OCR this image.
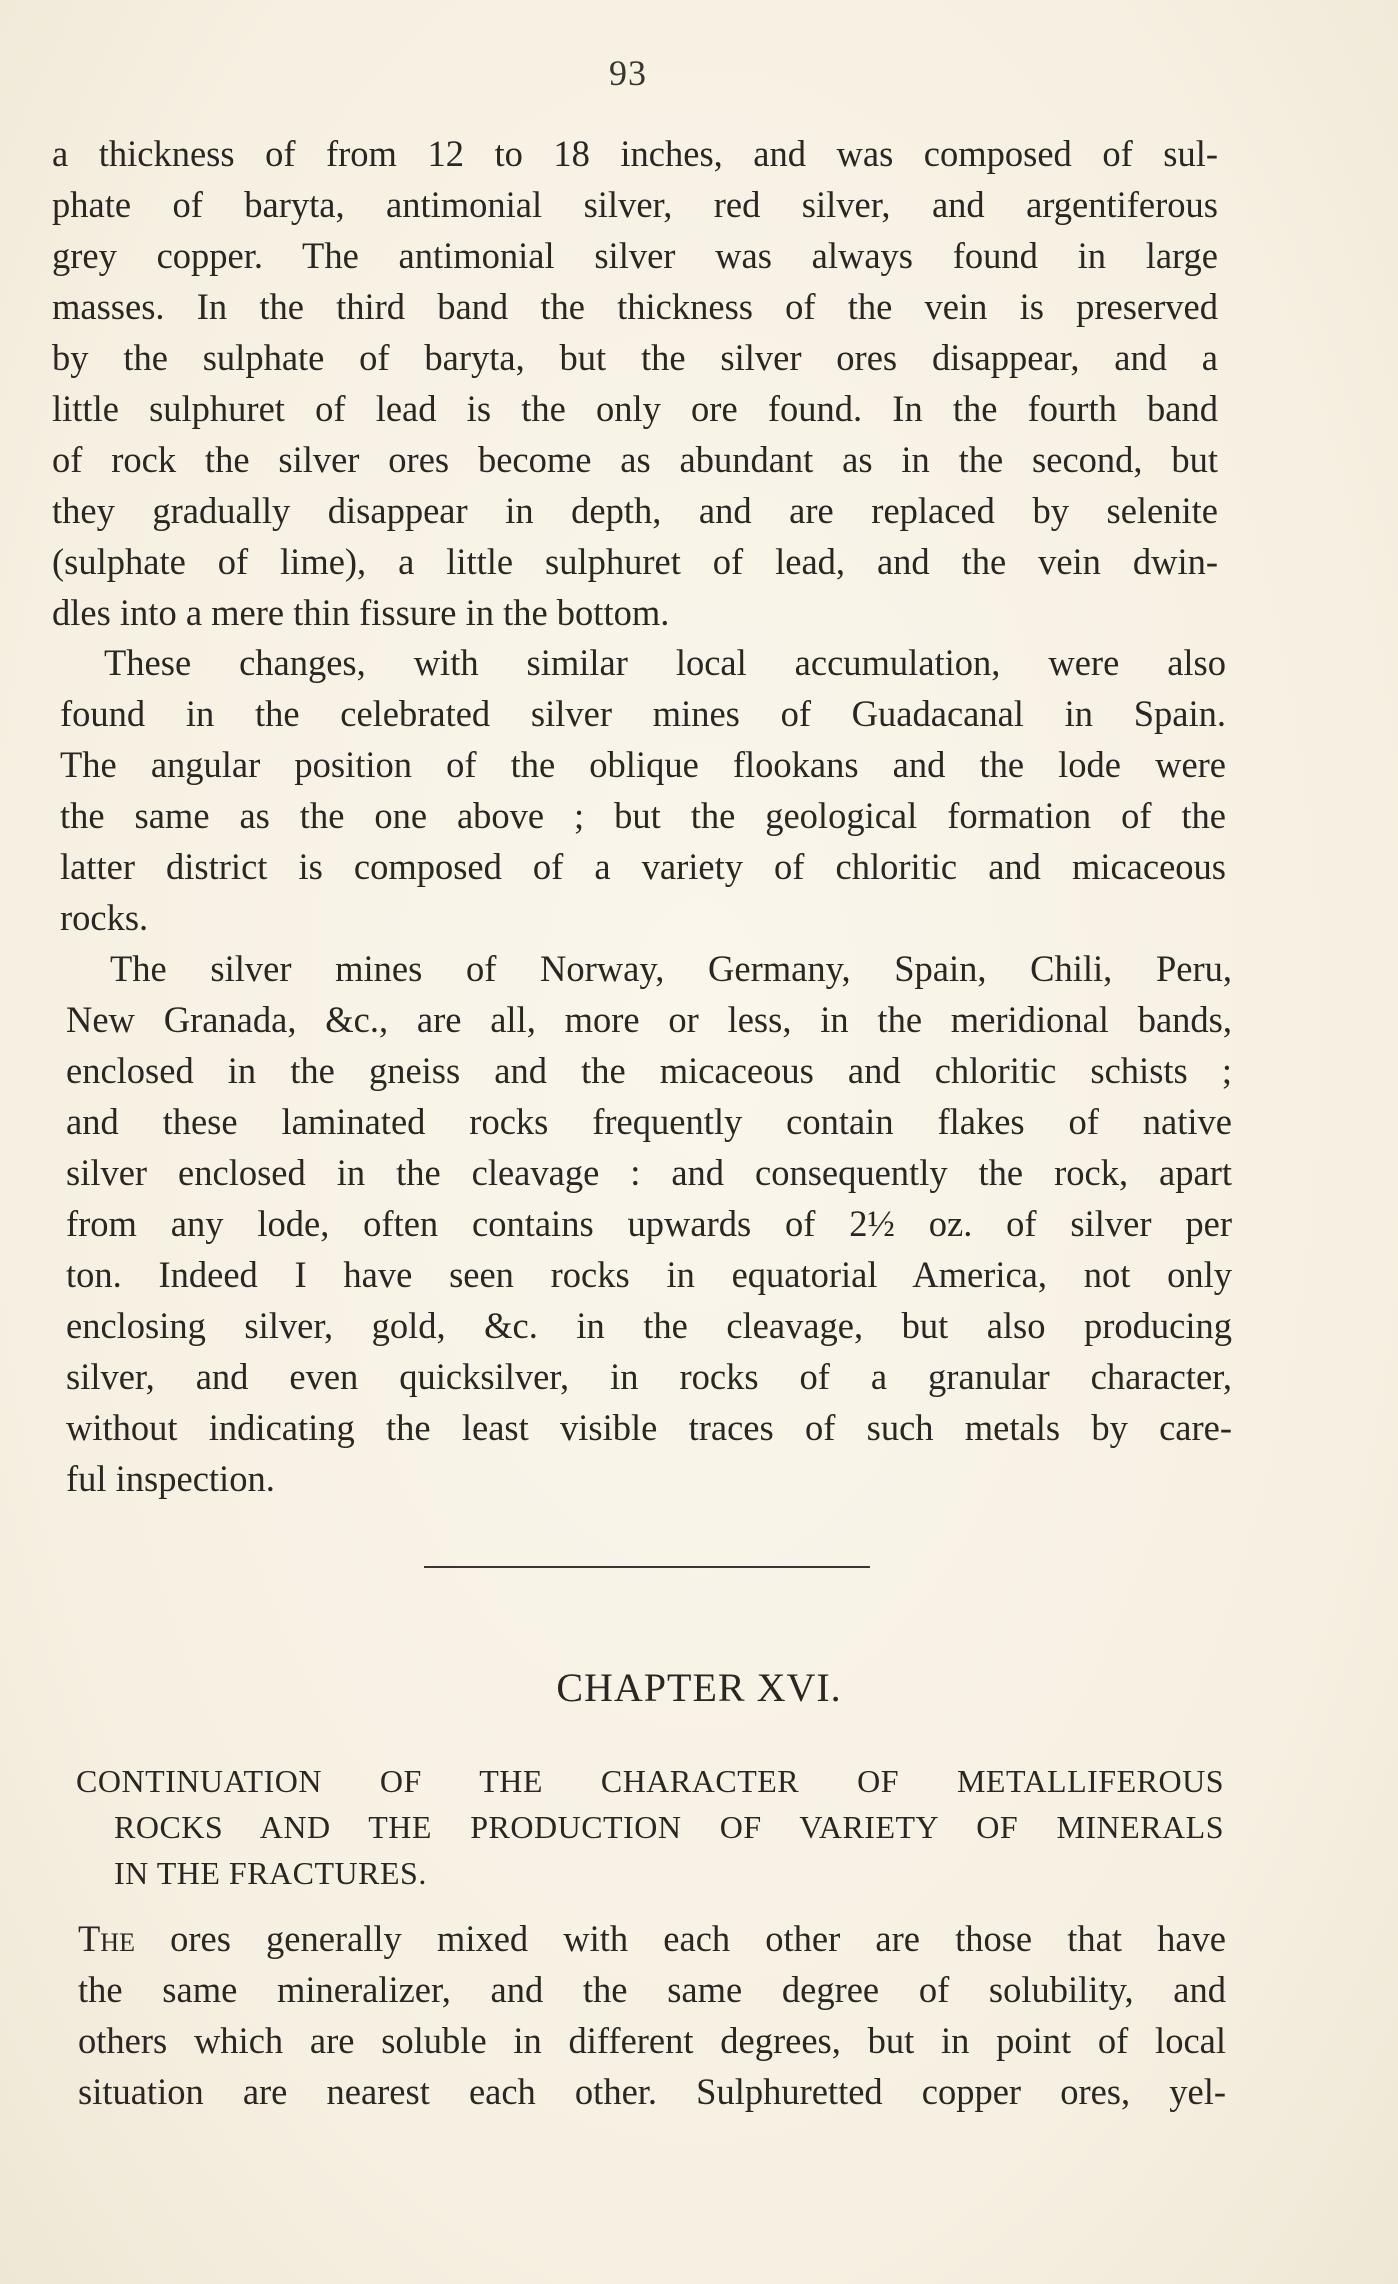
93

a thickness of from 12 to 18 inches, and was composed of sul-
phate of baryta, antimonial silver, red silver, and argentiferous
grey copper. The antimonial silver was always found in large
masses. In the third band the thickness of the vein is preserved
by the sulphate of baryta, but the silver ores disappear, and a
little sulphuret of lead is the only ore found. In the fourth band
of rock the silver ores become as abundant as in the second, but
they gradually disappear in depth, and are replaced by selenite
(sulphate of lime), a little sulphuret of lead, and the vein dwin-
dles into a mere thin fissure in the bottom.

These changes, with similar local accumulation, were also
found in the celebrated silver mines of Guadacanal in Spain.
The angular position of the oblique flookans and the lode were
the same as the one above ; but the geological formation of the
latter district is composed of a variety of chloritic and micaceous
rocks.

The silver mines of Norway, Germany, Spain, Chili, Peru,
New Granada, &c., are all, more or less, in the meridional bands,
enclosed in the gneiss and the micaceous and chloritic schists ;
and these laminated rocks frequently contain flakes of native
silver enclosed in the cleavage : and consequently the rock, apart
from any lode, often contains upwards of 2½ oz. of silver per
ton. Indeed I have seen rocks in equatorial America, not only
enclosing silver, gold, &c. in the cleavage, but also producing
silver, and even quicksilver, in rocks of a granular character,
without indicating the least visible traces of such metals by care-
ful inspection.

CHAPTER XVI.
CONTINUATION OF THE CHARACTER OF METALLIFEROUS
ROCKS AND THE PRODUCTION OF VARIETY OF MINERALS
IN THE FRACTURES.

The ores generally mixed with each other are those that have
the same mineralizer, and the same degree of solubility, and
others which are soluble in different degrees, but in point of local
situation are nearest each other. Sulphuretted copper ores, yel-
